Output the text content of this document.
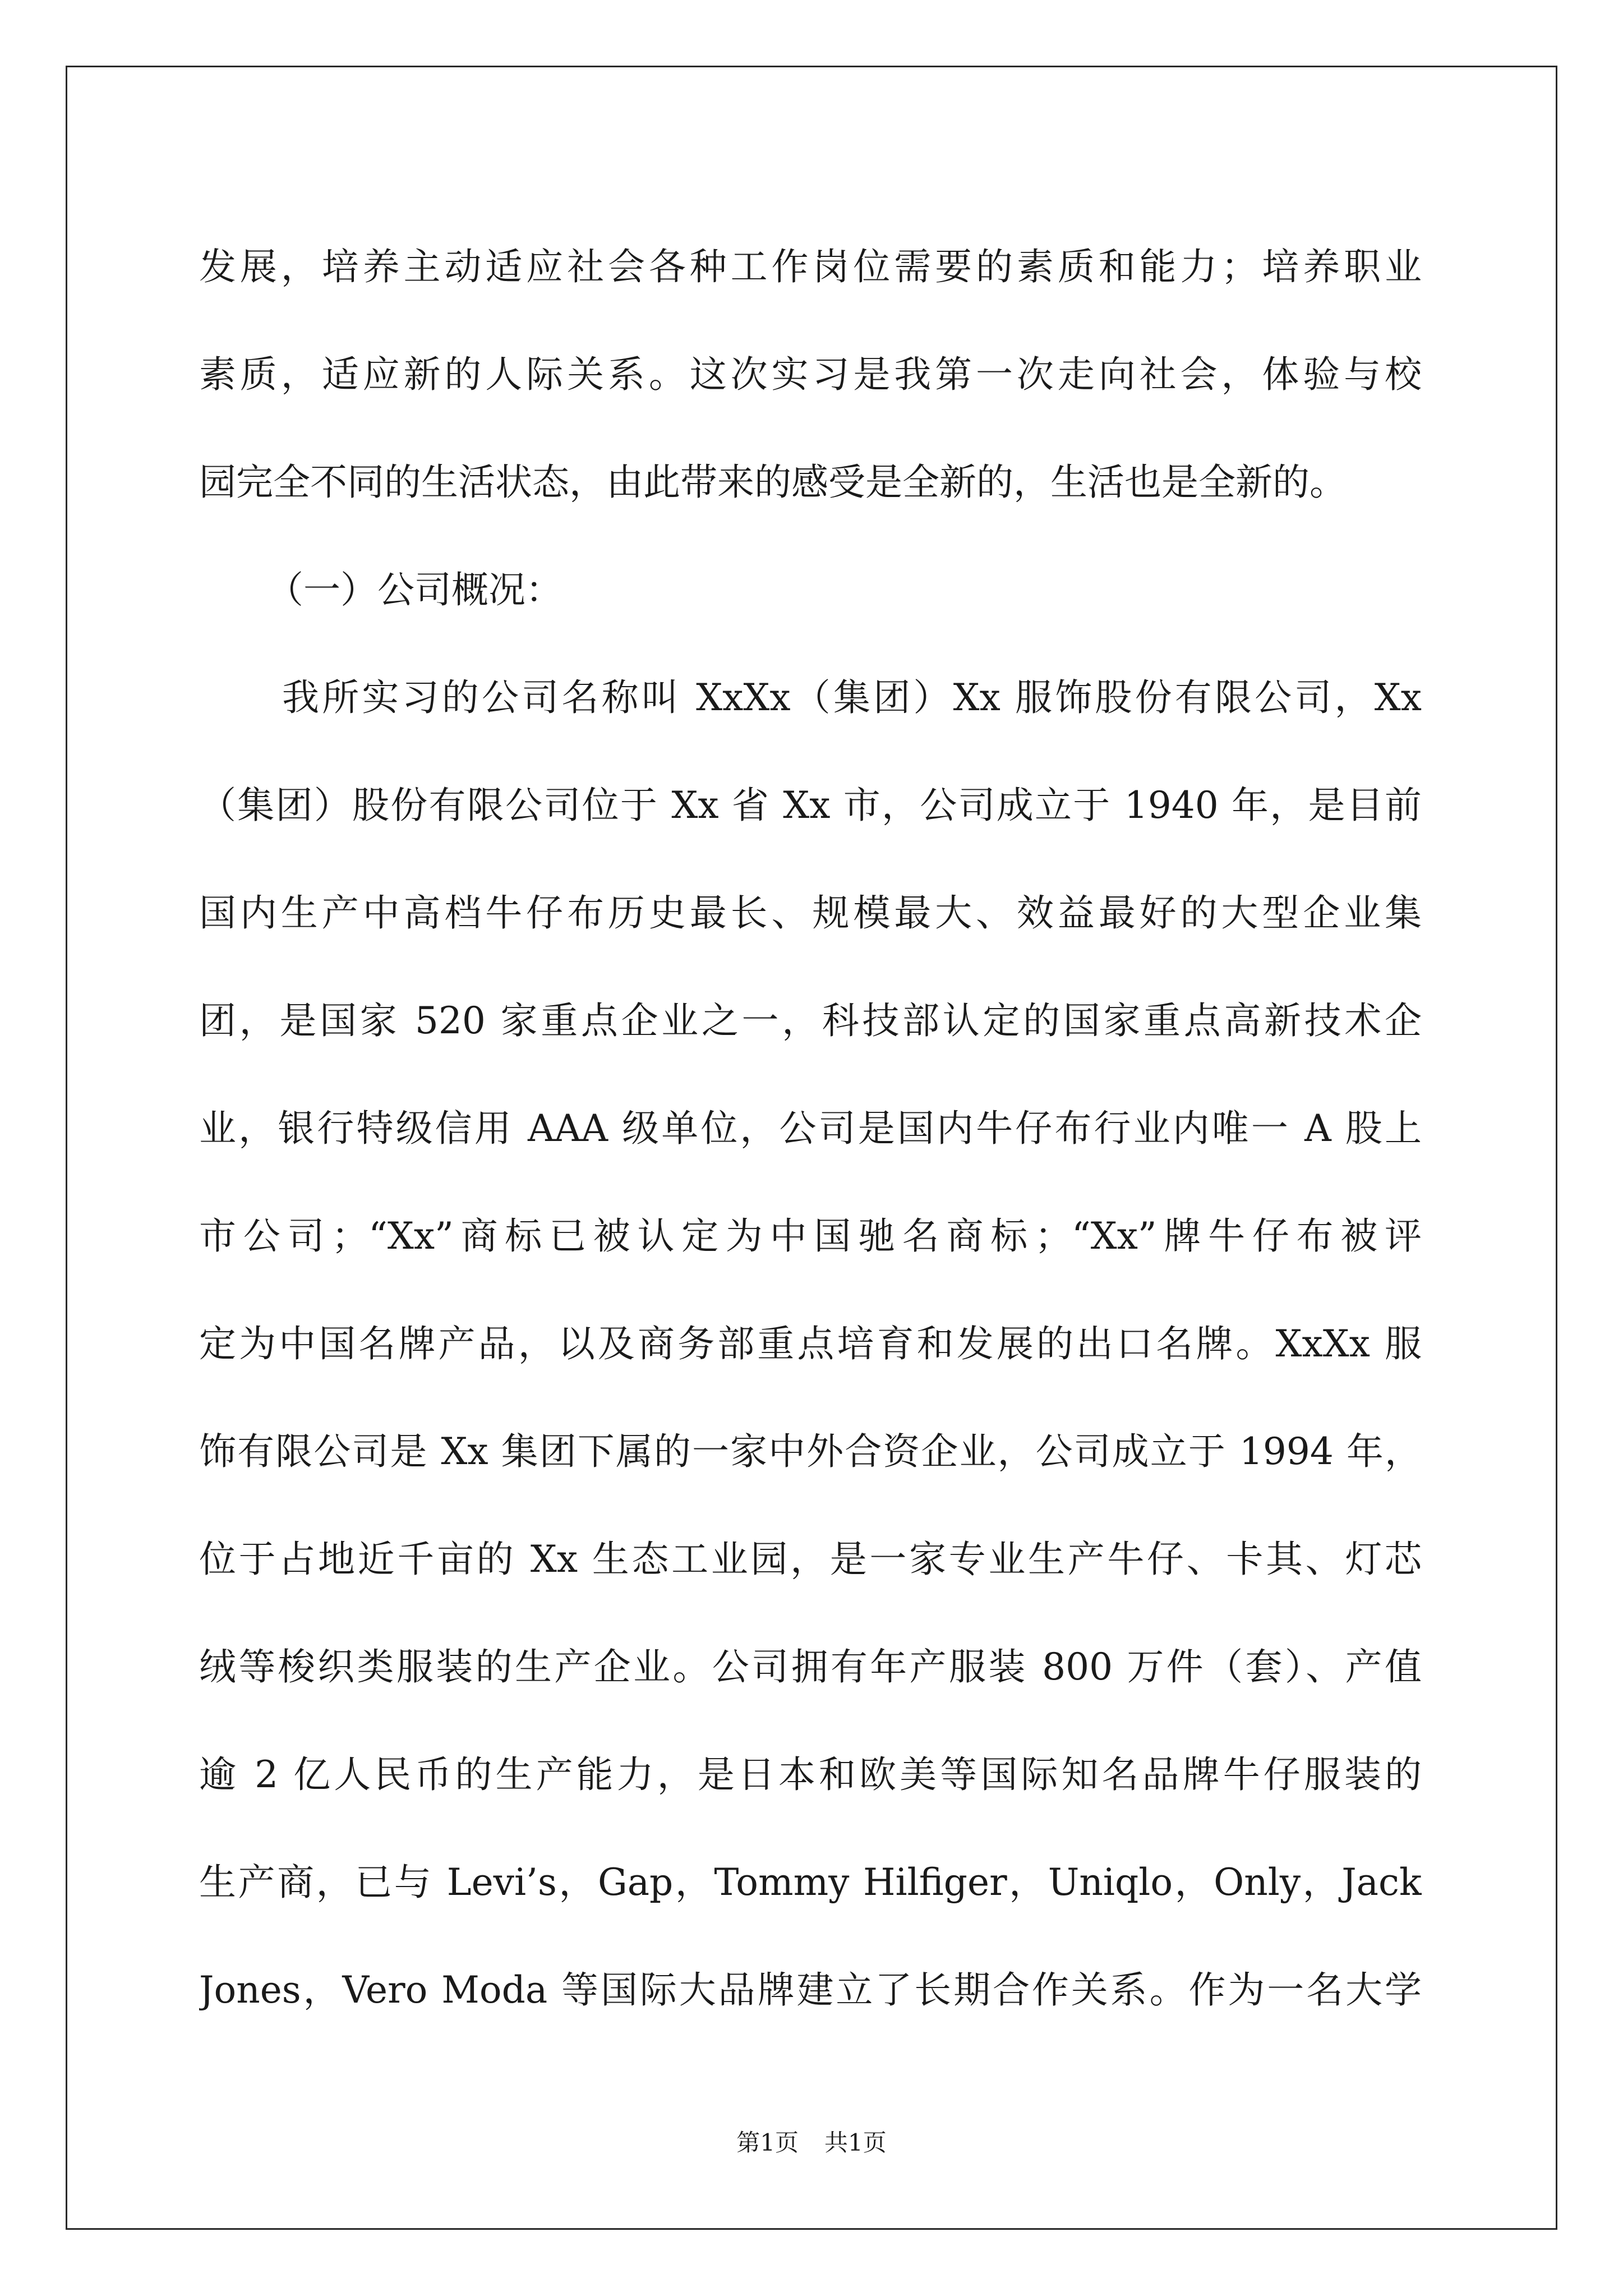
发展，培养主动适应社会各种工作岗位需要的素质和能力；培养职业
素质，适应新的人际关系。这次实习是我第一次走向社会，体验与校
园完全不同的生活状态，由此带来的感受是全新的，生活也是全新的。
（一）公司概况：
我所实习的公司名称叫 XxXx（集团）Xx 服饰股份有限公司，Xx
（集团）股份有限公司位于 Xx 省 Xx 市，公司成立于 1940 年，是目前
国内生产中高档牛仔布历史最长、规模最大、效益最好的大型企业集
团，是国家 520 家重点企业之一，科技部认定的国家重点高新技术企
业，银行特级信用 AAA 级单位，公司是国内牛仔布行业内唯一 A 股上
市公司；“Xx”商标已被认定为中国驰名商标；“Xx”牌牛仔布被评
定为中国名牌产品，以及商务部重点培育和发展的出口名牌。XxXx 服
饰有限公司是 Xx 集团下属的一家中外合资企业，公司成立于 1994 年，
位于占地近千亩的 Xx 生态工业园，是一家专业生产牛仔、卡其、灯芯
绒等梭织类服装的生产企业。公司拥有年产服装 800 万件（套）、产值
逾 2 亿人民币的生产能力，是日本和欧美等国际知名品牌牛仔服装的
生产商，已与 Levi’s，Gap，Tommy Hilfiger，Uniqlo，Only，Jack
Jones，Vero Moda 等国际大品牌建立了长期合作关系。作为一名大学
第1页 共1页
